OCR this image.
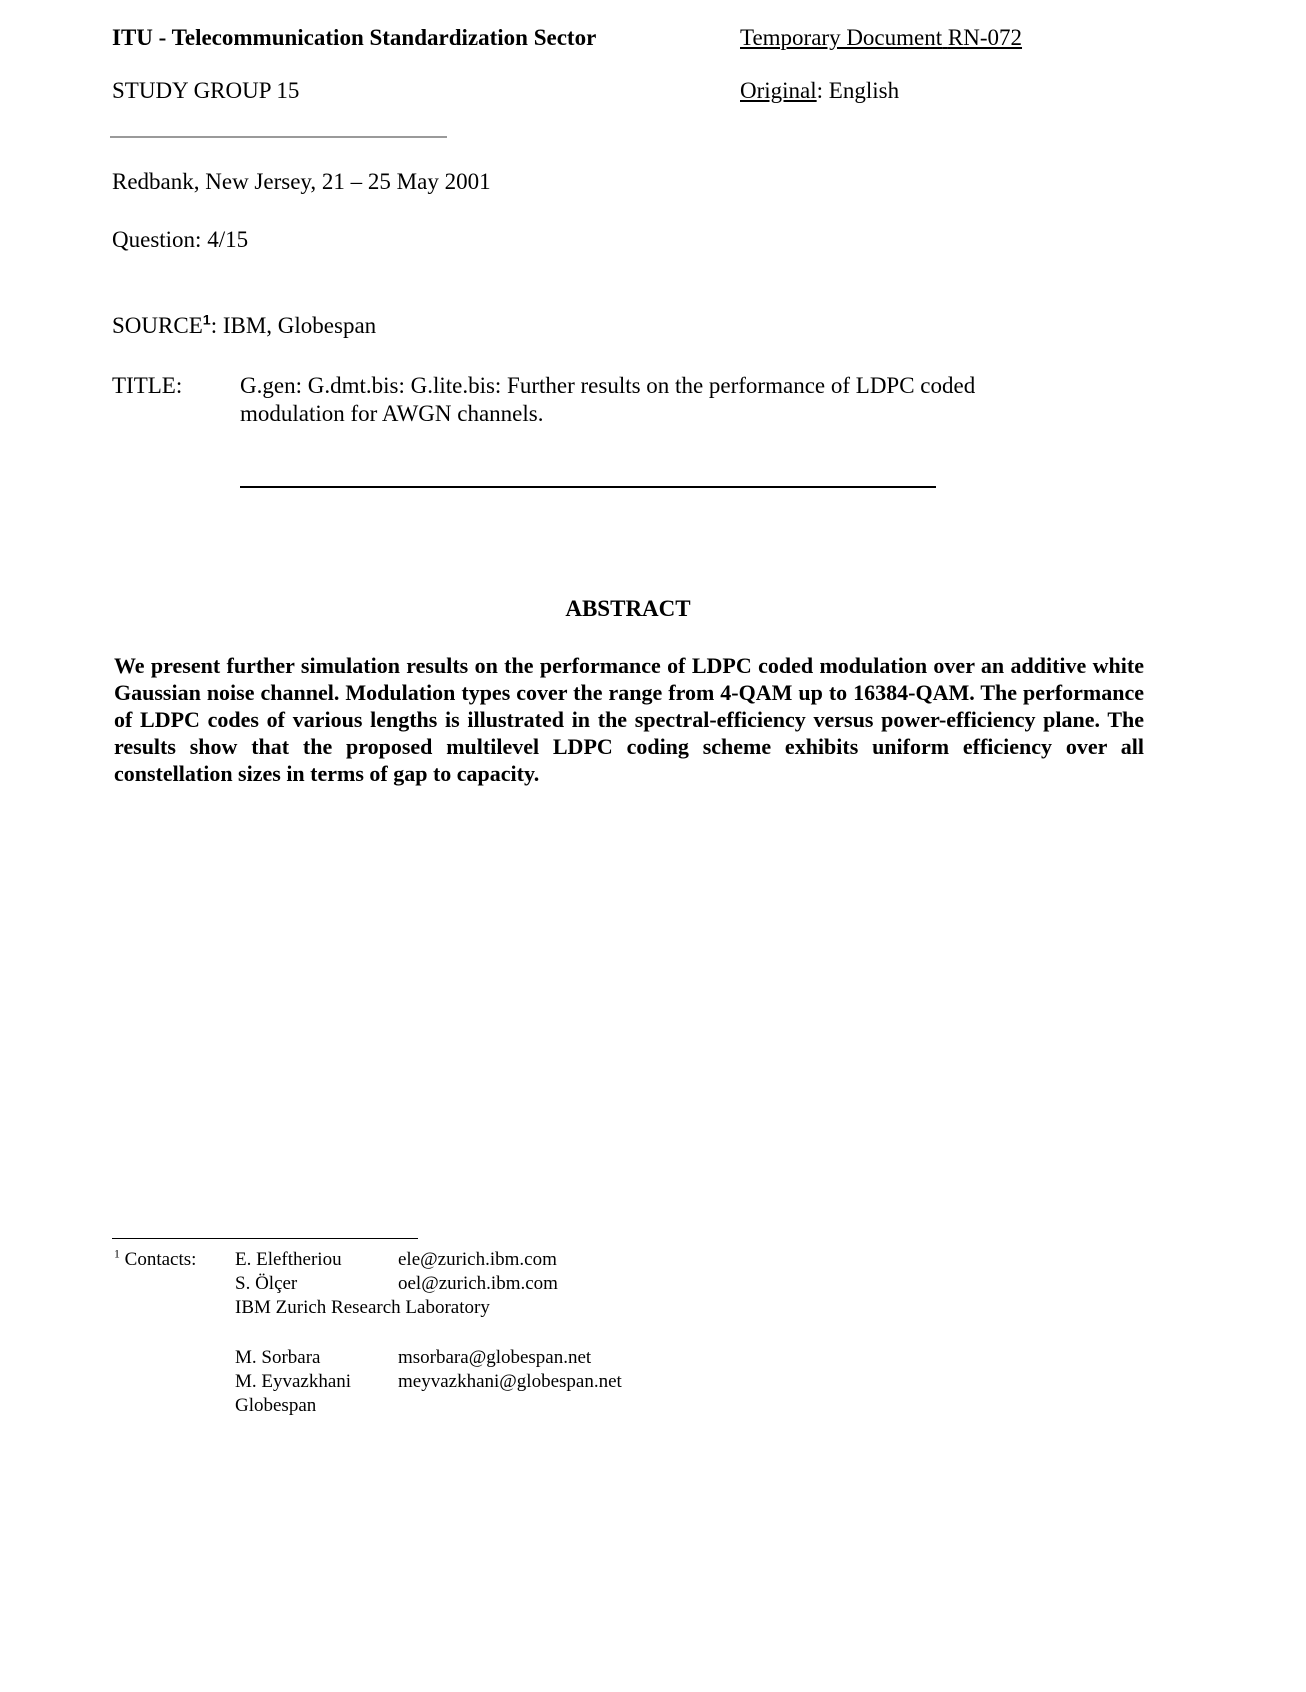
ITU - Telecommunication Standardization Sector
STUDY GROUP 15
Temporary Document RN-072
Original: English
Redbank, New Jersey, 21 – 25 May 2001
Question: 4/15
SOURCE$^1$: IBM, Globespan
TITLE:	G.gen: G.dmt.bis: G.lite.bis: Further results on the performance of LDPC coded
modulation for AWGN channels.
ABSTRACT
We present further simulation results on the performance of LDPC coded modulation over an additive white Gaussian noise channel. Modulation types cover the range from 4-QAM up to 16384-QAM. The performance of LDPC codes of various lengths is illustrated in the spectral-efficiency versus power-efficiency plane. The results show that the proposed multilevel LDPC coding scheme exhibits uniform efficiency over all constellation sizes in terms of gap to capacity.
$^1$ Contacts: E. Eleftheriou	ele@zurich.ibm.com
S. Ölçer	oel@zurich.ibm.com
IBM Zurich Research Laboratory
M. Sorbara	msorbara@globespan.net
M. Eyvazkhani meyvazkhani@globespan.net
Globespan
